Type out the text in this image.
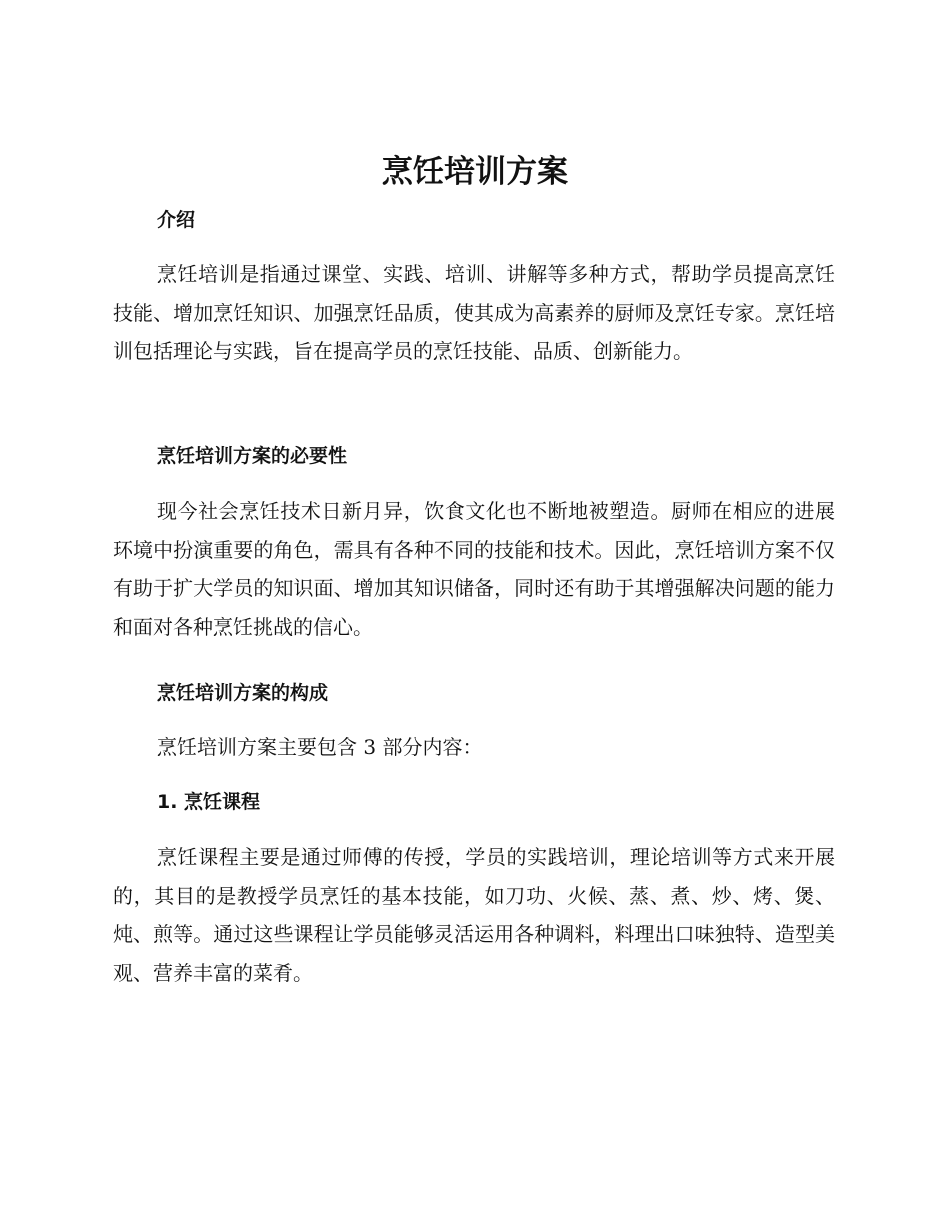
烹饪培训方案
介绍

烹饪培训是指通过课堂、实践、培训、讲解等多种方式，帮助学员提高烹饪技能、增加烹饪知识、加强烹饪品质，使其成为高素养的厨师及烹饪专家。烹饪培训包括理论与实践，旨在提高学员的烹饪技能、品质、创新能力。

烹饪培训方案的必要性

现今社会烹饪技术日新月异，饮食文化也不断地被塑造。厨师在相应的进展环境中扮演重要的角色，需具有各种不同的技能和技术。因此，烹饪培训方案不仅有助于扩大学员的知识面、增加其知识储备，同时还有助于其增强解决问题的能力和面对各种烹饪挑战的信心。

烹饪培训方案的构成

烹饪培训方案主要包含 3 部分内容：

1. 烹饪课程

烹饪课程主要是通过师傅的传授，学员的实践培训，理论培训等方式来开展的，其目的是教授学员烹饪的基本技能，如刀功、火候、蒸、煮、炒、烤、煲、炖、煎等。通过这些课程让学员能够灵活运用各种调料，料理出口味独特、造型美观、营养丰富的菜肴。
